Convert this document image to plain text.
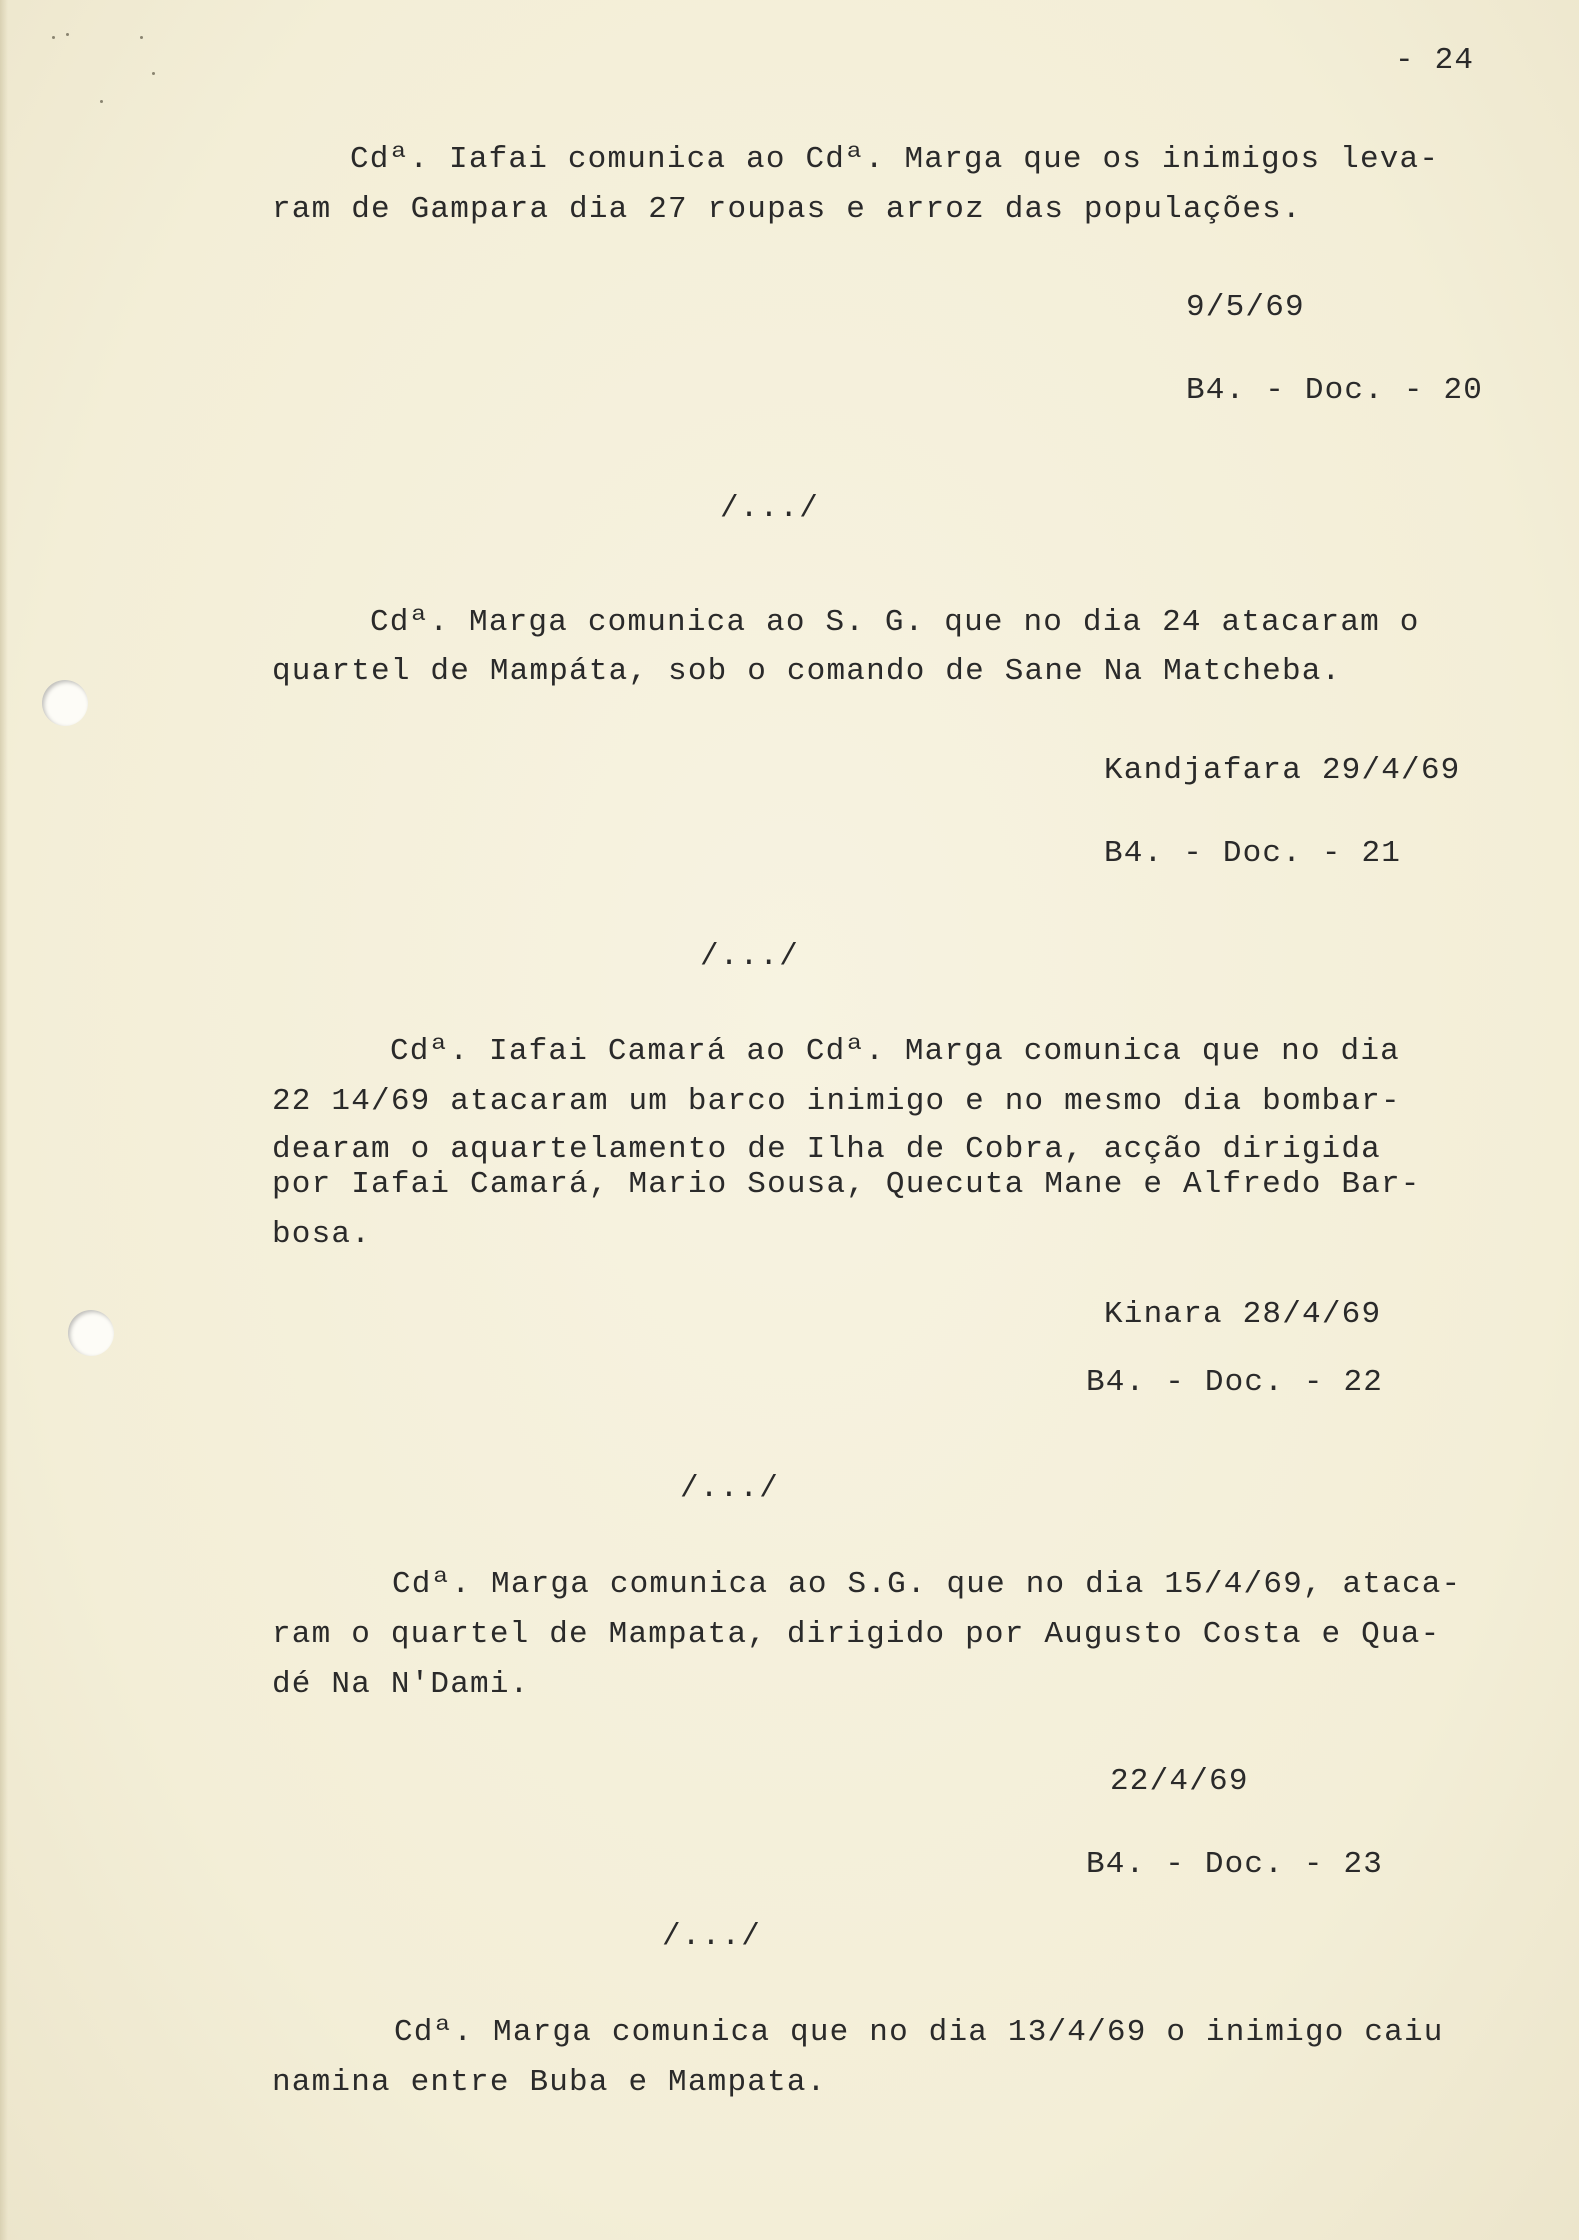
- 24
Cdª. Iafai comunica ao Cdª. Marga que os inimigos leva-
ram de Gampara dia 27 roupas e arroz das populações.
9/5/69
B4. - Doc. - 20
/.../
Cdª. Marga comunica ao S. G. que no dia 24 atacaram o
quartel de Mampáta, sob o comando de Sane Na Matcheba.
Kandjafara 29/4/69
B4. - Doc. - 21
/.../
Cdª. Iafai Camará ao Cdª. Marga comunica que no dia
22 14/69 atacaram um barco inimigo e no mesmo dia bombar-
dearam o aquartelamento de Ilha de Cobra, acção dirigida
por Iafai Camará, Mario Sousa, Quecuta Mane e Alfredo Bar-
bosa.
Kinara 28/4/69
B4. - Doc. - 22
/.../
Cdª. Marga comunica ao S.G. que no dia 15/4/69, ataca-
ram o quartel de Mampata, dirigido por Augusto Costa e Qua-
dé Na N'Dami.
22/4/69
B4. - Doc. - 23
/.../
Cdª. Marga comunica que no dia 13/4/69 o inimigo caiu
namina entre Buba e Mampata.
